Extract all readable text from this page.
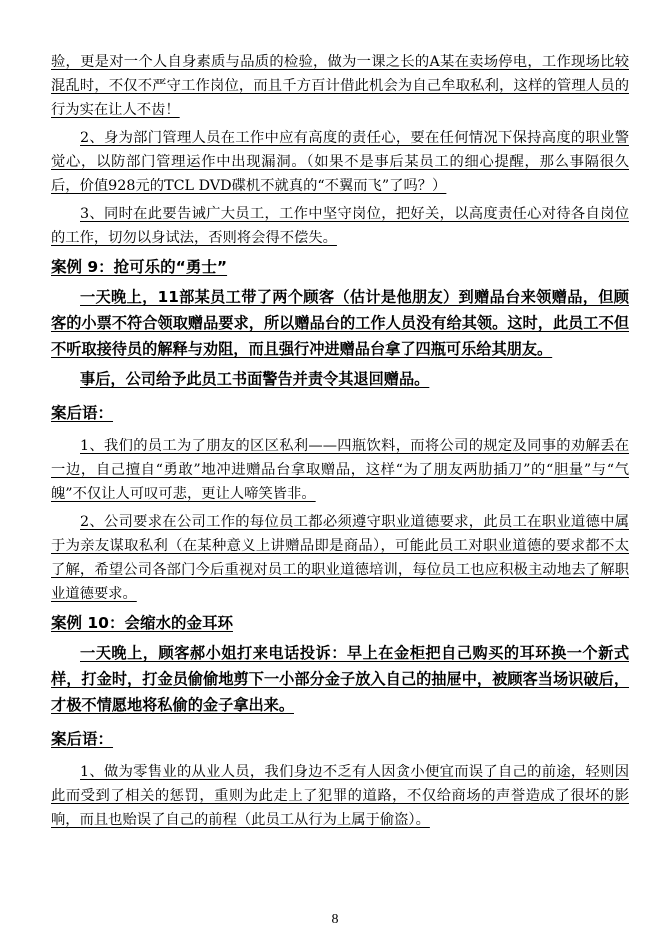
验，更是对一个人自身素质与品质的检验，做为一课之长的A某在卖场停电，工作现场比较混乱时，不仅不严守工作岗位，而且千方百计借此机会为自己牟取私利，这样的管理人员的行为实在让人不齿！

2、身为部门管理人员在工作中应有高度的责任心，要在任何情况下保持高度的职业警觉心，以防部门管理运作中出现漏洞。（如果不是事后某员工的细心提醒，那么事隔很久后，价值928元的TCL DVD碟机不就真的“不翼而飞”了吗？）

3、同时在此要告诫广大员工，工作中坚守岗位，把好关，以高度责任心对待各自岗位的工作，切勿以身试法，否则将会得不偿失。

案例 9：抢可乐的“勇士”

一天晚上，11部某员工带了两个顾客（估计是他朋友）到赠品台来领赠品，但顾客的小票不符合领取赠品要求，所以赠品台的工作人员没有给其领。这时，此员工不但不听取接待员的解释与劝阻，而且强行冲进赠品台拿了四瓶可乐给其朋友。

事后，公司给予此员工书面警告并责令其退回赠品。

案后语：

1、我们的员工为了朋友的区区私利——四瓶饮料，而将公司的规定及同事的劝解丢在一边，自己擅自“勇敢”地冲进赠品台拿取赠品，这样“为了朋友两肋插刀”的“胆量”与“气魄”不仅让人可叹可悲，更让人啼笑皆非。

2、公司要求在公司工作的每位员工都必须遵守职业道德要求，此员工在职业道德中属于为亲友谋取私利（在某种意义上讲赠品即是商品），可能此员工对职业道德的要求都不太了解，希望公司各部门今后重视对员工的职业道德培训，每位员工也应积极主动地去了解职业道德要求。

案例 10：会缩水的金耳环

一天晚上，顾客郝小姐打来电话投诉：早上在金柜把自己购买的耳环换一个新式样，打金时，打金员偷偷地剪下一小部分金子放入自己的抽屉中，被顾客当场识破后，才极不情愿地将私偷的金子拿出来。

案后语：

1、做为零售业的从业人员，我们身边不乏有人因贪小便宜而误了自己的前途，轻则因此而受到了相关的惩罚，重则为此走上了犯罪的道路，不仅给商场的声誉造成了很坏的影响，而且也贻误了自己的前程（此员工从行为上属于偷盗）。

8
